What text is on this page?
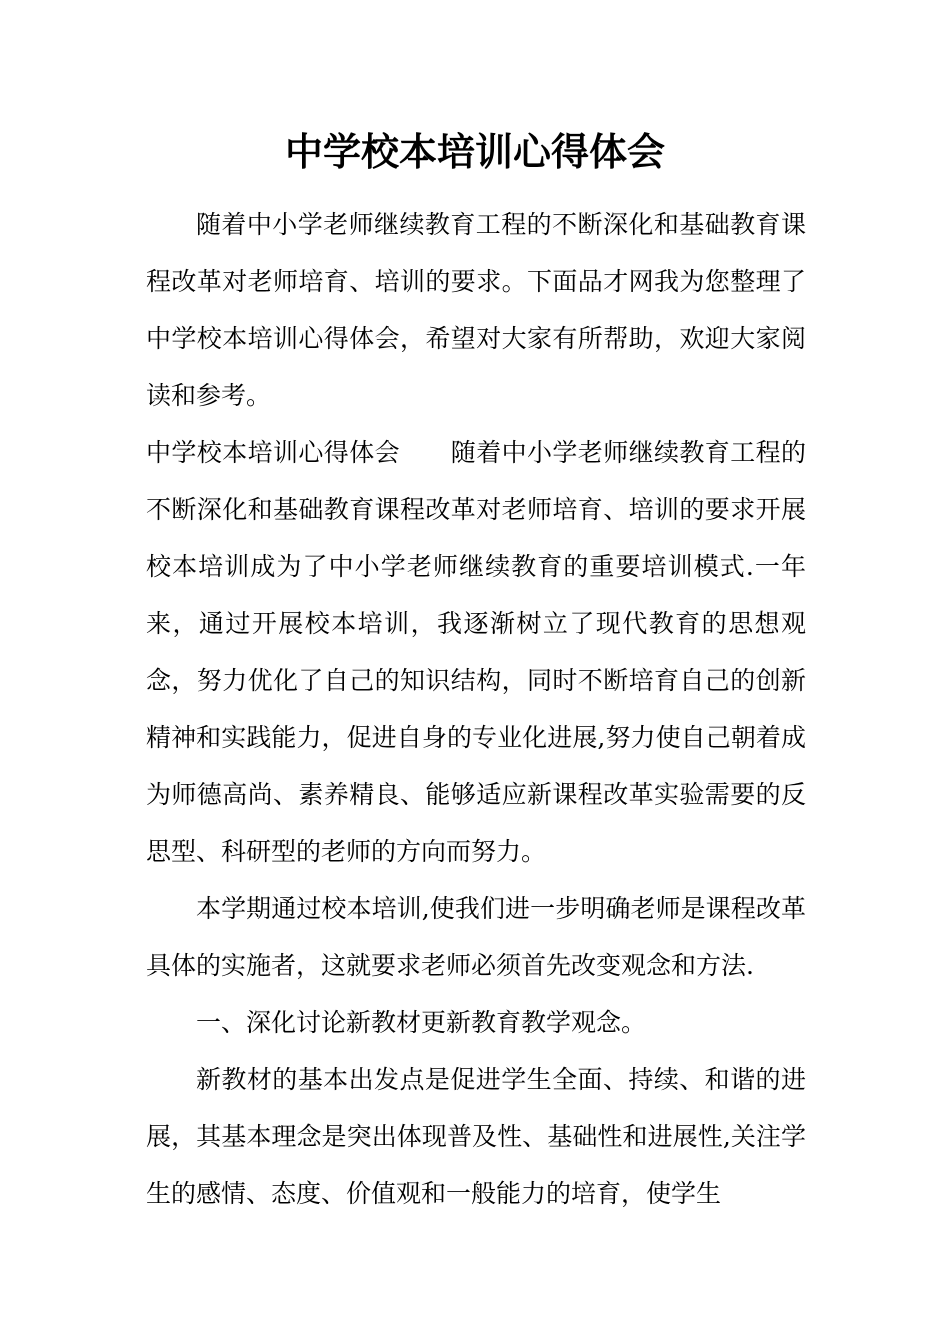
中学校本培训心得体会

随着中小学老师继续教育工程的不断深化和基础教育课程改革对老师培育、培训的要求。下面品才网我为您整理了中学校本培训心得体会，希望对大家有所帮助，欢迎大家阅读和参考。

中学校本培训心得体会　　随着中小学老师继续教育工程的不断深化和基础教育课程改革对老师培育、培训的要求开展校本培训成为了中小学老师继续教育的重要培训模式.一年来，通过开展校本培训，我逐渐树立了现代教育的思想观念，努力优化了自己的知识结构，同时不断培育自己的创新精神和实践能力，促进自身的专业化进展,努力使自己朝着成为师德高尚、素养精良、能够适应新课程改革实验需要的反思型、科研型的老师的方向而努力。

本学期通过校本培训,使我们进一步明确老师是课程改革具体的实施者，这就要求老师必须首先改变观念和方法.

一、深化讨论新教材更新教育教学观念。

新教材的基本出发点是促进学生全面、持续、和谐的进展，其基本理念是突出体现普及性、基础性和进展性,关注学生的感情、态度、价值观和一般能力的培育，使学生
